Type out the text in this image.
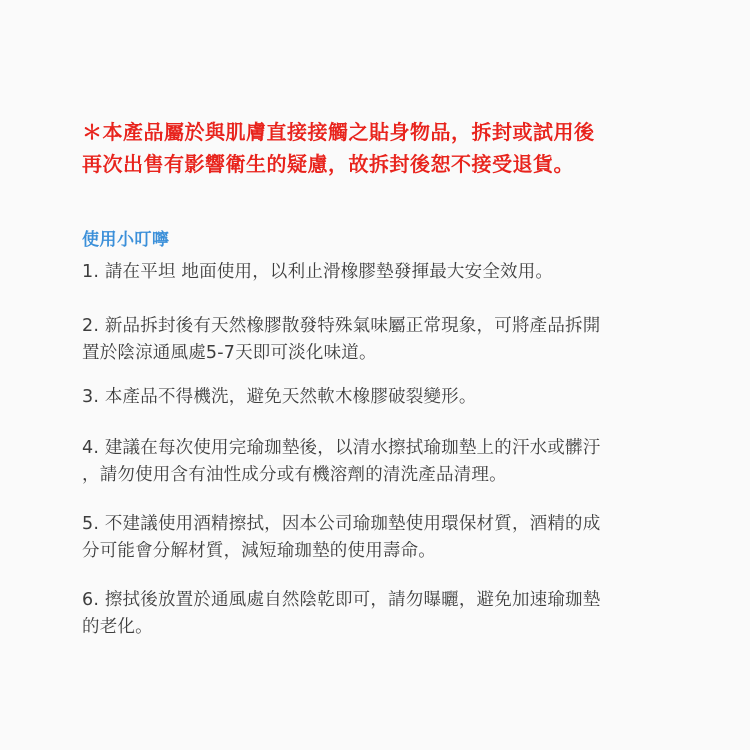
＊本產品屬於與肌膚直接接觸之貼身物品，拆封或試用後
再次出售有影響衛生的疑慮，故拆封後恕不接受退貨。
使用小叮嚀
1. 請在平坦 地面使用，以利止滑橡膠墊發揮最大安全效用。
2. 新品拆封後有天然橡膠散發特殊氣味屬正常現象，可將產品拆開
置於陰涼通風處5-7天即可淡化味道。
3. 本產品不得機洗，避免天然軟木橡膠破裂變形。
4. 建議在每次使用完瑜珈墊後，以清水擦拭瑜珈墊上的汗水或髒汙
，請勿使用含有油性成分或有機溶劑的清洗產品清理。
5. 不建議使用酒精擦拭，因本公司瑜珈墊使用環保材質，酒精的成
分可能會分解材質，減短瑜珈墊的使用壽命。
6. 擦拭後放置於通風處自然陰乾即可，請勿曝曬，避免加速瑜珈墊
的老化。
